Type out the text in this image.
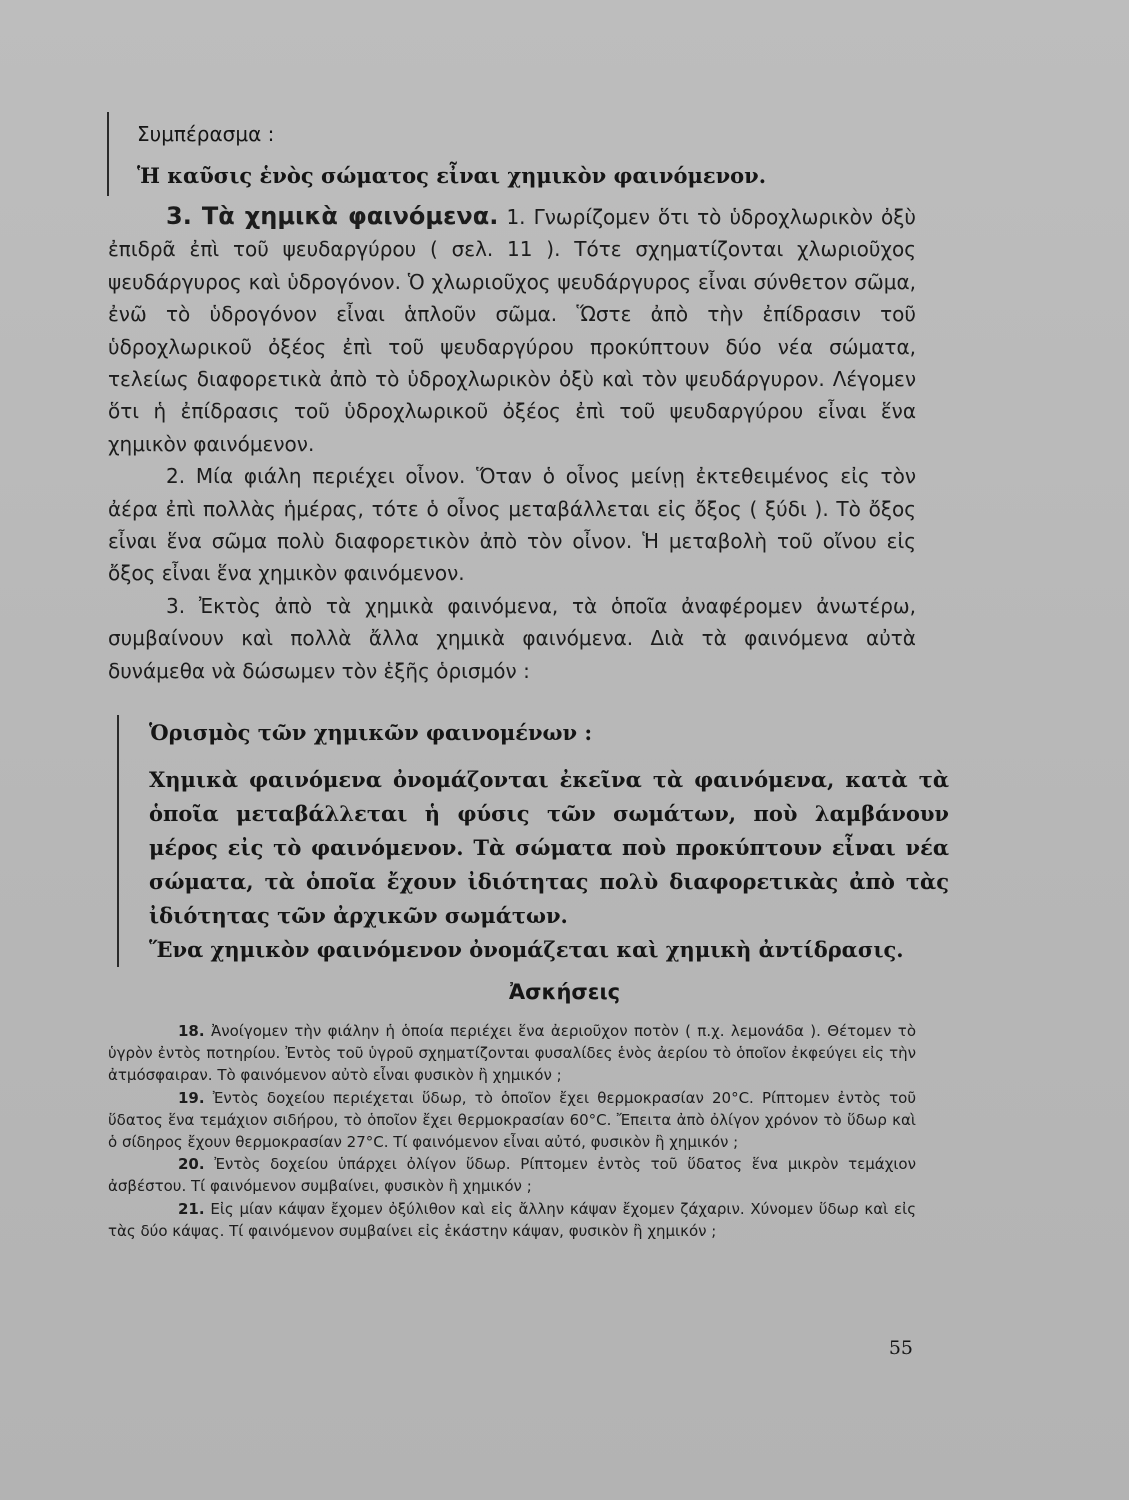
Συμπέρασμα :
Ἡ καῦσις ἑνὸς σώματος εἶναι χημικὸν φαινόμενον.

3. Τὰ χημικὰ φαινόμενα. 1. Γνωρίζομεν ὅτι τὸ ὑδροχλωρικὸν ὀξὺ ἐπιδρᾶ ἐπὶ τοῦ ψευδαργύρου ( σελ. 11 ). Τότε σχηματίζονται χλωριοῦχος ψευδάργυρος καὶ ὑδρογόνον. Ὁ χλωριοῦχος ψευδάργυρος εἶναι σύνθετον σῶμα, ἐνῶ τὸ ὑδρογόνον εἶναι ἁπλοῦν σῶμα. Ὥστε ἀπὸ τὴν ἐπίδρασιν τοῦ ὑδροχλωρικοῦ ὀξέος ἐπὶ τοῦ ψευδαργύρου προκύπτουν δύο νέα σώματα, τελείως διαφορετικὰ ἀπὸ τὸ ὑδροχλωρικὸν ὀξὺ καὶ τὸν ψευδάργυρον. Λέγομεν ὅτι ἡ ἐπίδρασις τοῦ ὑδροχλωρικοῦ ὀξέος ἐπὶ τοῦ ψευδαργύρου εἶναι ἕνα χημικὸν φαινόμενον.

2. Μία φιάλη περιέχει οἶνον. Ὅταν ὁ οἶνος μείνῃ ἐκτεθειμένος εἰς τὸν ἀέρα ἐπὶ πολλὰς ἡμέρας, τότε ὁ οἶνος μεταβάλλεται εἰς ὄξος ( ξύδι ). Τὸ ὄξος εἶναι ἕνα σῶμα πολὺ διαφορετικὸν ἀπὸ τὸν οἶνον. Ἡ μεταβολὴ τοῦ οἴνου εἰς ὄξος εἶναι ἕνα χημικὸν φαινόμενον.

3. Ἐκτὸς ἀπὸ τὰ χημικὰ φαινόμενα, τὰ ὁποῖα ἀναφέρομεν ἀνωτέρω, συμβαίνουν καὶ πολλὰ ἄλλα χημικὰ φαινόμενα. Διὰ τὰ φαινόμενα αὐτὰ δυνάμεθα νὰ δώσωμεν τὸν ἑξῆς ὁρισμόν :

Ὁρισμὸς τῶν χημικῶν φαινομένων :
Χημικὰ φαινόμενα ὀνομάζονται ἐκεῖνα τὰ φαινόμενα, κατὰ τὰ ὁποῖα μεταβάλλεται ἡ φύσις τῶν σωμάτων, ποὺ λαμβάνουν μέρος εἰς τὸ φαινόμενον. Τὰ σώματα ποὺ προκύπτουν εἶναι νέα σώματα, τὰ ὁποῖα ἔχουν ἰδιότητας πολὺ διαφορετικὰς ἀπὸ τὰς ἰδιότητας τῶν ἀρχικῶν σωμάτων.
Ἕνα χημικὸν φαινόμενον ὀνομάζεται καὶ χημικὴ ἀντίδρασις.
Ἀσκήσεις

18. Ἀνοίγομεν τὴν φιάλην ἡ ὁποία περιέχει ἕνα ἀεριοῦχον ποτὸν ( π.χ. λεμονάδα ). Θέτομεν τὸ ὑγρὸν ἐντὸς ποτηρίου. Ἐντὸς τοῦ ὑγροῦ σχηματίζονται φυσαλίδες ἑνὸς ἀερίου τὸ ὁποῖον ἐκφεύγει εἰς τὴν ἀτμόσφαιραν. Τὸ φαινόμενον αὐτὸ εἶναι φυσικὸν ἢ χημικόν ;

19. Ἐντὸς δοχείου περιέχεται ὕδωρ, τὸ ὁποῖον ἔχει θερμοκρασίαν 20°C. Ρίπτομεν ἐντὸς τοῦ ὕδατος ἕνα τεμάχιον σιδήρου, τὸ ὁποῖον ἔχει θερμοκρασίαν 60°C. Ἔπειτα ἀπὸ ὀλίγον χρόνον τὸ ὕδωρ καὶ ὁ σίδηρος ἔχουν θερμοκρασίαν 27°C. Τί φαινόμενον εἶναι αὐτό, φυσικὸν ἢ χημικόν ;

20. Ἐντὸς δοχείου ὑπάρχει ὀλίγον ὕδωρ. Ρίπτομεν ἐντὸς τοῦ ὕδατος ἕνα μικρὸν τεμάχιον ἀσβέστου. Τί φαινόμενον συμβαίνει, φυσικὸν ἢ χημικόν ;

21. Εἰς μίαν κάψαν ἔχομεν ὀξύλιθον καὶ εἰς ἄλλην κάψαν ἔχομεν ζάχαριν. Χύνομεν ὕδωρ καὶ εἰς τὰς δύο κάψας. Τί φαινόμενον συμβαίνει εἰς ἑκάστην κάψαν, φυσικὸν ἢ χημικόν ;

55
